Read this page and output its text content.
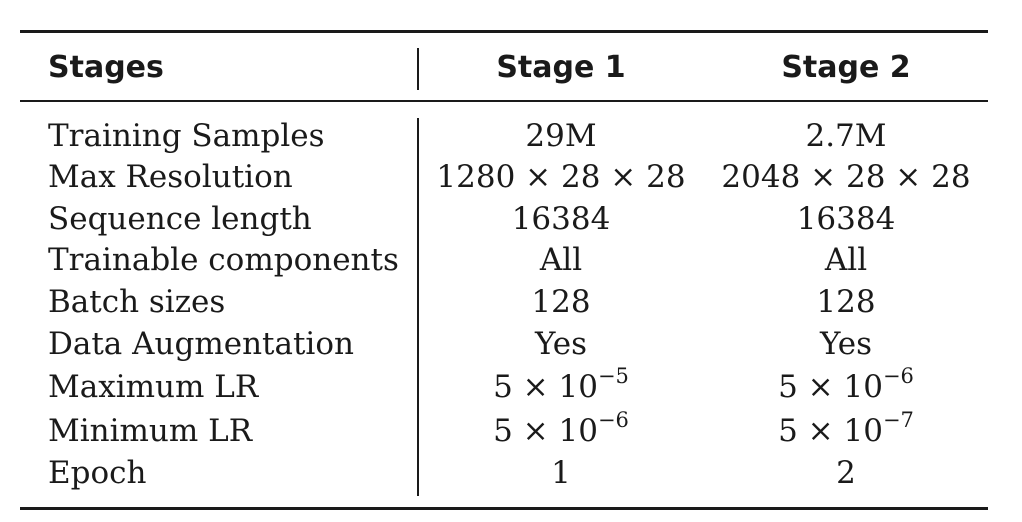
Stages	Stage 1	Stage 2
Training Samples	29M	2.7M
Max Resolution	1280 × 28 × 28	2048 × 28 × 28
Sequence length	16384	16384
Trainable components	All	All
Batch sizes	128	128
Data Augmentation	Yes	Yes
Maximum LR	$5 \times 10^{-5}$	$5 \times 10^{-6}$
Minimum LR	$5 \times 10^{-6}$	$5 \times 10^{-7}$
Epoch	1	2
